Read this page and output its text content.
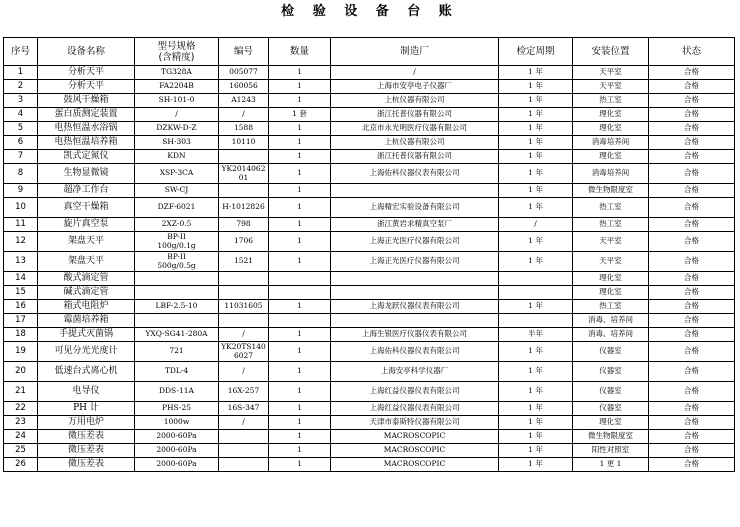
检 验 设 备 台 账
序号	设备名称	型号规格
(含精度)	编号	数量	制造厂	检定周期	安装位置	状态
1	分析天平	TG328A	005077	1	/	1 年	天平室	合格
2	分析天平	FA2204B	160056	1	上海市安亭电子仪器厂	1 年	天平室	合格
3	鼓风干燥箱	SH-101-0	A1243	1	上杭仪器有限公司	1 年	热工室	合格
4	蛋白质测定装置	/	/	1 套	浙江托普仪器有限公司	1 年	理化室	合格
5	电热恒温水浴锅	DZKW-D-Z	1588	1	北京市永光明医疗仪器有限公司	1 年	理化室	合格
6	电热恒温培养箱	SH-303	10110	1	上杭仪器有限公司	1 年	消毒培养间	合格
7	凯式定氮仪	KDN		1	浙江托普仪器有限公司	1 年	理化室	合格
8	生物显微镜	XSP-3CA	YK201406201	1	上海佑科仪器仪表有限公司	1 年	消毒培养间	合格
9	超净工作台	SW-CJ		1		1 年	微生物限度室	合格
10	真空干燥箱	DZF-6021	H-1012826	1	上海精宏实验设备有限公司	1 年	热工室	合格
11	旋片真空泵	2XZ-0.5	798	1	浙江黄岩求精真空泵厂	/	热工室	合格
12	架盘天平	BP-II
100g/0.1g	1706	1	上海正光医疗仪器有限公司	1 年	天平室	合格
13	架盘天平	BP-II
500g/0.5g	1521	1	上海正光医疗仪器有限公司	1 年	天平室	合格
14	酸式滴定管						理化室	合格
15	碱式滴定管						理化室	合格
16	箱式电阻炉	LBF-2.5-10	11031605	1	上海龙跃仪器仪表有限公司	1 年	热工室	合格
17	霉菌培养箱						消毒、培养间	合格
18	手提式灭菌锅	YXQ-SG41-280A	/	1	上海生银医疗仪器仪表有限公司	半年	消毒、培养间	合格
19	可见分光光度计	721	YK20TS1406027	1	上海佑科仪器仪表有限公司	1 年	仪器室	合格
20	低速台式离心机	TDL-4	/	1	上海安亭科学仪器厂	1 年	仪器室	合格
21	电导仪	DDS-11A	16X-257	1	上海红益仪器仪表有限公司	1 年	仪器室	合格
22	PH 计	PHS-25	16S-347	1	上海红益仪器仪表有限公司	1 年	仪器室	合格
23	万用电炉	1000w	/	1	天津市泰斯特仪器有限公司	1 年	理化室	合格
24	微压差表	2000-60Pa		1	MACROSCOPIC	1 年	微生物限度室	合格
25	微压差表	2000-60Pa		1	MACROSCOPIC	1 年	阳性对照室	合格
26	微压差表	2000-60Pa		1	MACROSCOPIC	1 年	1 更 1	合格
